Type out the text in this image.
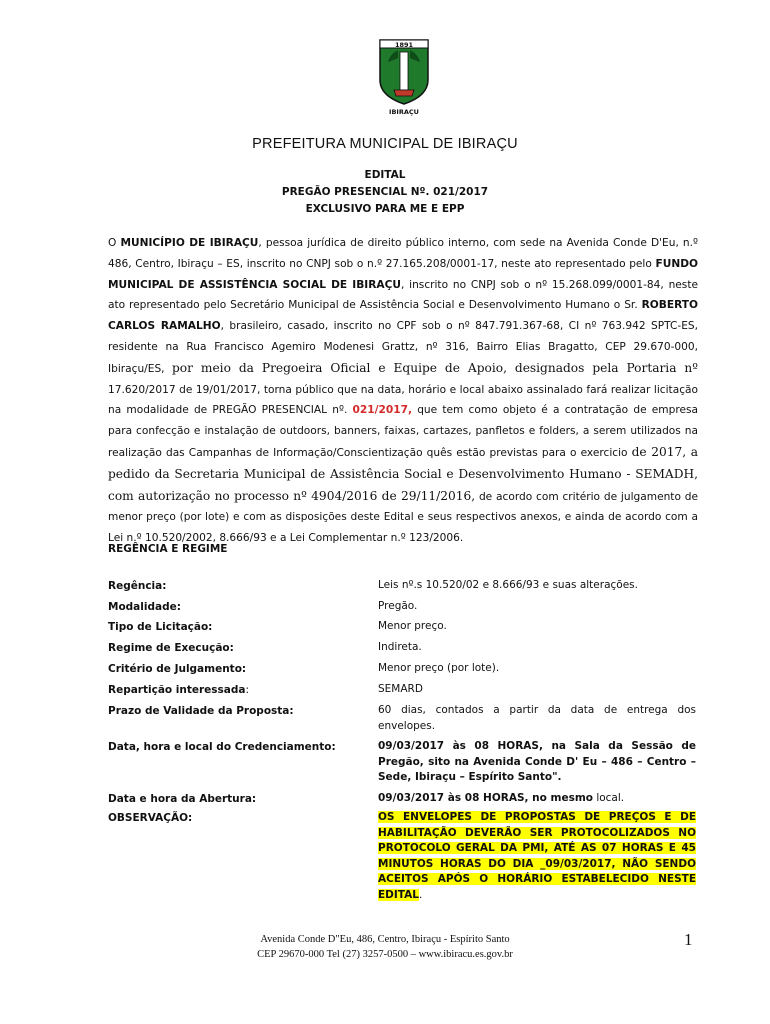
1891
IBIRAÇU
PREFEITURA MUNICIPAL DE IBIRAÇU
EDITAL
PREGÃO PRESENCIAL Nº. 021/2017
EXCLUSIVO PARA ME E EPP
O MUNICÍPIO DE IBIRAÇU, pessoa jurídica de direito público interno, com sede na Avenida Conde D'Eu, n.º 486, Centro, Ibiraçu – ES, inscrito no CNPJ sob o n.º 27.165.208/0001-17, neste ato representado pelo FUNDO MUNICIPAL DE ASSISTÊNCIA SOCIAL DE IBIRAÇU, inscrito no CNPJ sob o nº 15.268.099/0001-84, neste ato representado pelo Secretário Municipal de Assistência Social e Desenvolvimento Humano o Sr. ROBERTO CARLOS RAMALHO, brasileiro, casado, inscrito no CPF sob o nº 847.791.367-68, CI nº 763.942 SPTC-ES, residente na Rua Francisco Agemiro Modenesi Grattz, nº 316, Bairro Elias Bragatto, CEP 29.670-000, Ibiraçu/ES, por meio da Pregoeira Oficial e Equipe de Apoio, designados pela Portaria nº 17.620/2017 de 19/01/2017, torna público que na data, horário e local abaixo assinalado fará realizar licitação na modalidade de PREGÃO PRESENCIAL nº. 021/2017, que tem como objeto é a contratação de empresa para confecção e instalação de outdoors, banners, faixas, cartazes, panfletos e folders, a serem utilizados na realização das Campanhas de Informação/Conscientização quês estão previstas para o exercicio de 2017, a pedido da Secretaria Municipal de Assistência Social e Desenvolvimento Humano - SEMADH, com autorização no processo nº 4904/2016 de 29/11/2016, de acordo com critério de julgamento de menor preço (por lote) e com as disposições deste Edital e seus respectivos anexos, e ainda de acordo com a Lei n.º 10.520/2002, 8.666/93 e a Lei Complementar n.º 123/2006.
REGÊNCIA E REGIME
Regência:	Leis nº.s 10.520/02 e 8.666/93 e suas alterações.
Modalidade:	Pregão.
Tipo de Licitação:	Menor preço.
Regime de Execução:	Indireta.
Critério de Julgamento:	Menor preço (por lote).
Repartição interessada:	SEMARD
Prazo de Validade da Proposta:	60 dias, contados a partir da data de entrega dos envelopes.
Data, hora e local do Credenciamento:	09/03/2017 às 08 HORAS, na Sala da Sessão de Pregão, sito na Avenida Conde D' Eu – 486 – Centro – Sede, Ibiraçu – Espírito Santo".
Data e hora da Abertura:	09/03/2017 às 08 HORAS, no mesmo local.
OBSERVAÇÃO:	OS ENVELOPES DE PROPOSTAS DE PREÇOS E DE HABILITAÇÃO DEVERÃO SER PROTOCOLIZADOS NO PROTOCOLO GERAL DA PMI, ATÉ AS 07 HORAS E 45 MINUTOS HORAS DO DIA _09/03/2017, NÃO SENDO ACEITOS APÓS O HORÁRIO ESTABELECIDO NESTE EDITAL.
Avenida Conde D"Eu, 486, Centro, Ibiraçu - Espírito Santo
CEP 29670-000 Tel (27) 3257-0500 – www.ibiracu.es.gov.br
1
